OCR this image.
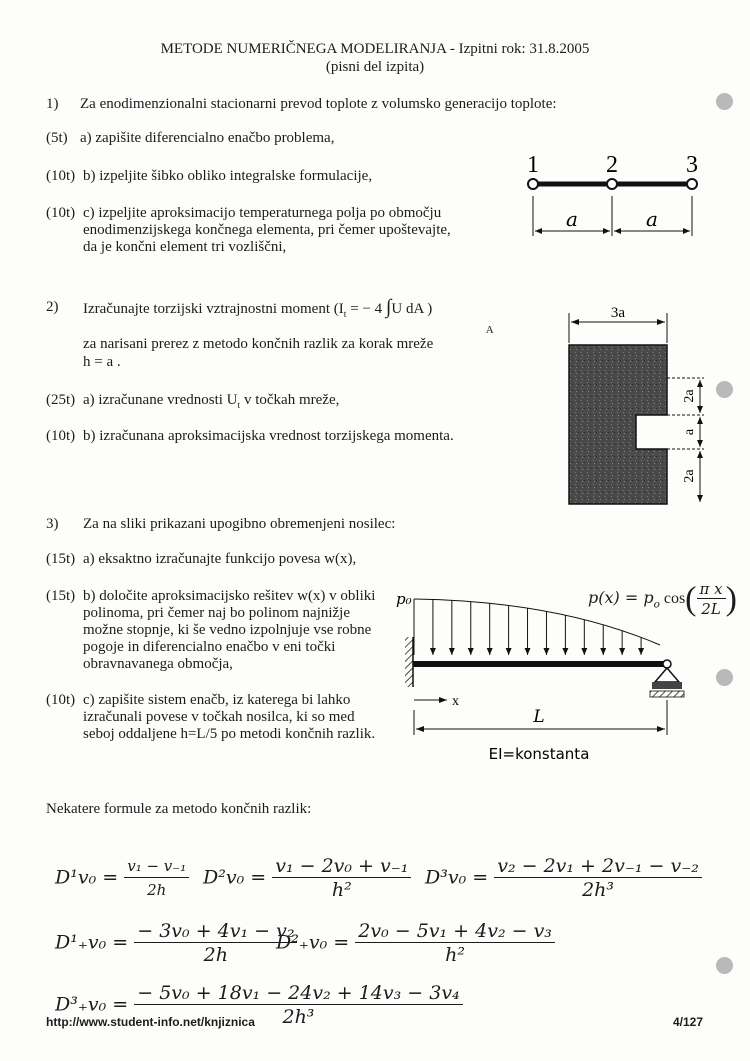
METODE NUMERIČNEGA MODELIRANJA - Izpitni rok: 31.8.2005
(pisni del izpita)
1) Za enodimenzionalni stacionarni prevod toplote z volumsko generacijo toplote:
(5t) a) zapišite diferencialno enačbo problema,
(10t) b) izpeljite šibko obliko integralske formulacije,
(10t) c) izpeljite aproksimacijo temperaturnega polja po območju
enodimenzijskega končnega elementa, pri čemer upoštevajte,
da je končni element tri vozliščni,
1	2	3
a	a
2) Izračunajte torzijski vztrajnostni moment ($I_t$ = − 4 ∫U dA )
A
za narisani prerez z metodo končnih razlik za korak mreže
h = a .
(25t) a) izračunane vrednosti $U_t$ v točkah mreže,
(10t) b) izračunana aproksimacijska vrednost torzijskega momenta.
3a
2a
a
2a
3) Za na sliki prikazani upogibno obremenjeni nosilec:
(15t) a) eksaktno izračunajte funkcijo povesa w(x),
(15t) b) določite aproksimacijsko rešitev w(x) v obliki
polinoma, pri čemer naj bo polinom najnižje
možne stopnje, ki še vedno izpolnjuje vse robne
pogoje in diferencialno enačbo v eni točki
obravnavanega območja,
(10t) c) zapišite sistem enačb, iz katerega bi lahko
izračunali povese v točkah nosilca, ki so med
seboj oddaljene h=L/5 po metodi končnih razlik.
p₀
x
L
EI=konstanta
$p(x) = p_o$ $\cos( \frac{\text{π x}}{2L}$ )
Nekatere formule za metodo končnih razlik:
$D^1v_0 = \frac{\text{v₁ − v₋₁}}{2h} D^2v_0 = \frac{\text{v₁ − 2v₀ + v₋₁}}{\text{h²}} D^3v_0 = \frac{\text{v₂ − 2v₁ + 2v₋₁ − v₋₂}}{\text{2h³}}$
$D^1_+v_0 = \frac{\text{− 3v₀ + 4v₁ − v₂}}{2h}$
$D^2_+v_0 = \frac{\text{2v₀ − 5v₁ + 4v₂ − v₃}}{\text{h²}}$
$D^3_+v_0 = \frac{\text{− 5v₀ + 18v₁ − 24v₂ + 14v₃ − 3v₄}}{\text{2h³}}$
http://www.student-info.net/knjiznica	4/127
